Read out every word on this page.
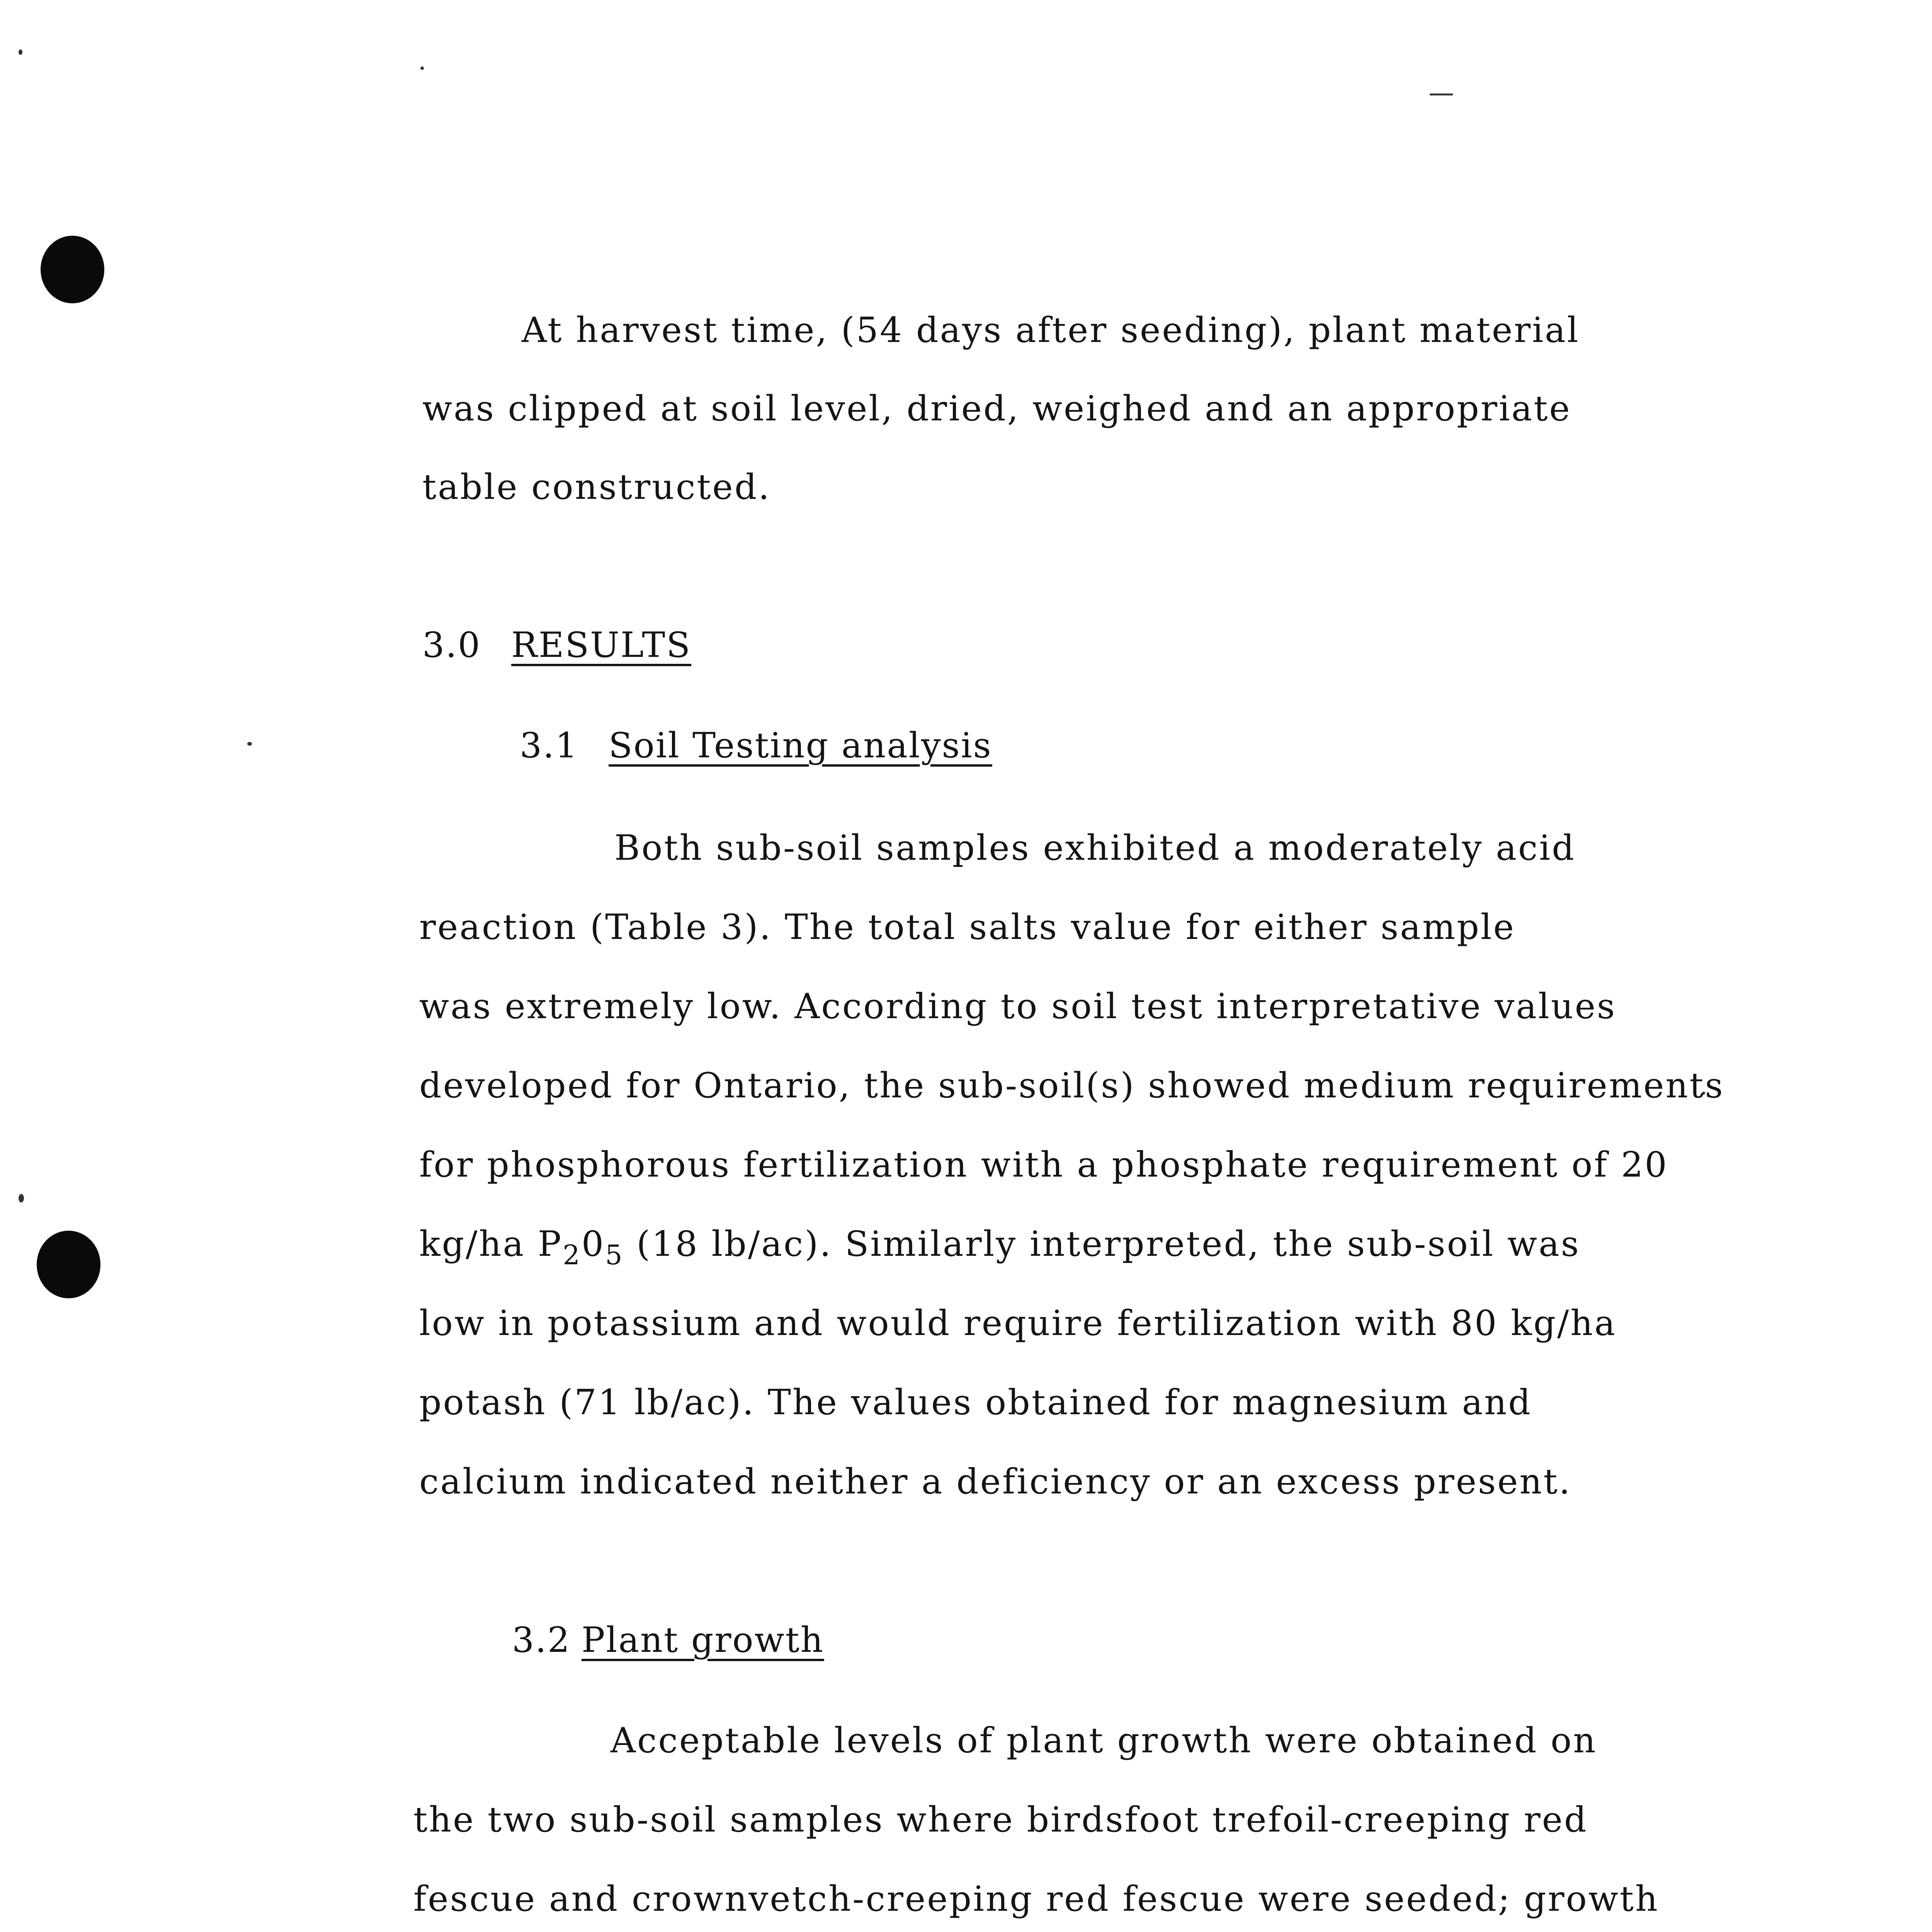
At harvest time, (54 days after seeding), plant material
was clipped at soil level, dried, weighed and an appropriate
table constructed.
3.0 RESULTS
3.1 Soil Testing analysis
Both sub-soil samples exhibited a moderately acid
reaction (Table 3). The total salts value for either sample
was extremely low. According to soil test interpretative values
developed for Ontario, the sub-soil(s) showed medium requirements
for phosphorous fertilization with a phosphate requirement of 20
kg/ha $P_20_5$ (18 lb/ac). Similarly interpreted, the sub-soil was
low in potassium and would require fertilization with 80 kg/ha
potash (71 lb/ac). The values obtained for magnesium and
calcium indicated neither a deficiency or an excess present.
3.2 Plant growth
Acceptable levels of plant growth were obtained on
the two sub-soil samples where birdsfoot trefoil-creeping red
fescue and crownvetch-creeping red fescue were seeded; growth
